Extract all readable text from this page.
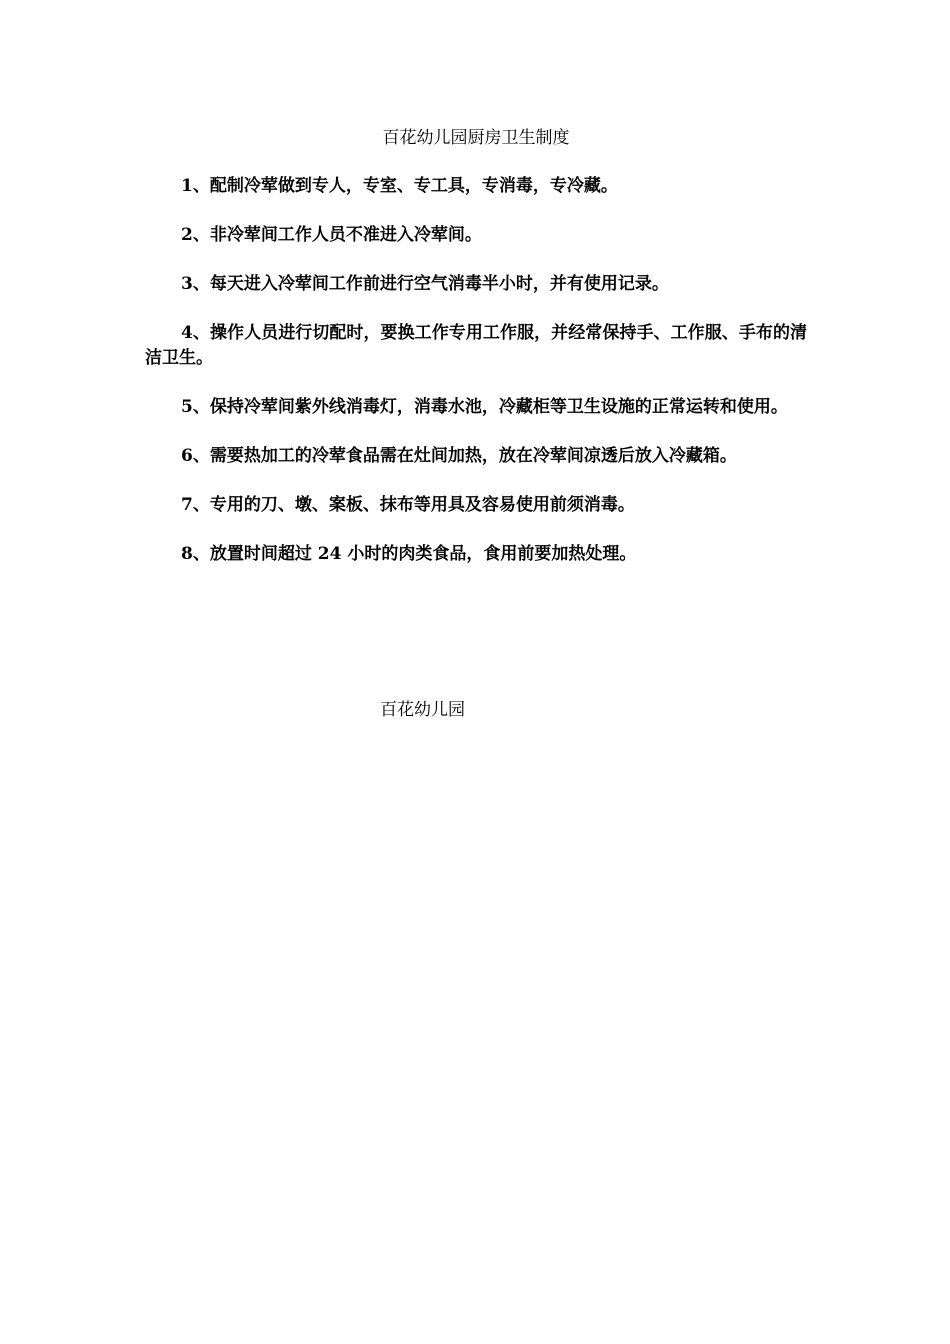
百花幼儿园厨房卫生制度
1、配制冷荤做到专人，专室、专工具，专消毒，专冷藏。
2、非冷荤间工作人员不准进入冷荤间。
3、每天进入冷荤间工作前进行空气消毒半小时，并有使用记录。
4、操作人员进行切配时，要换工作专用工作服，并经常保持手、工作服、手布的清洁卫生。
5、保持冷荤间紫外线消毒灯，消毒水池，冷藏柜等卫生设施的正常运转和使用。
6、需要热加工的冷荤食品需在灶间加热，放在冷荤间凉透后放入冷藏箱。
7、专用的刀、墩、案板、抹布等用具及容易使用前须消毒。
8、放置时间超过 24 小时的肉类食品，食用前要加热处理。

百花幼儿园
